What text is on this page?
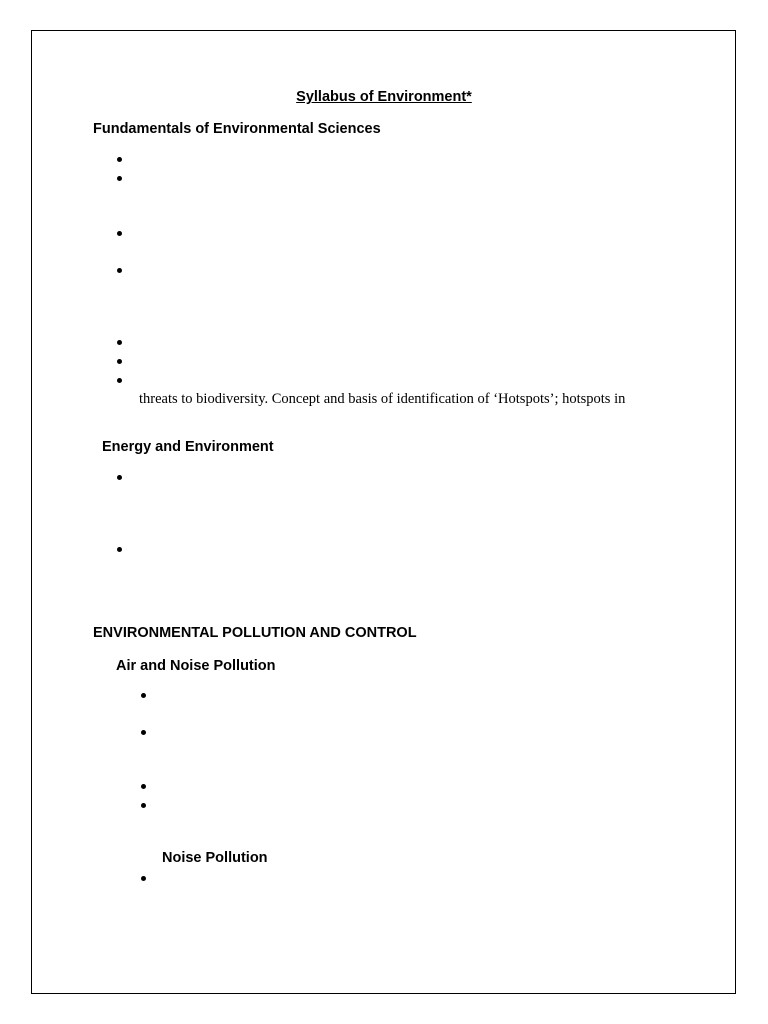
Syllabus of Environment*
Fundamentals of Environmental Sciences
threats to biodiversity. Concept and basis of identification of ‘Hotspots’; hotspots in
Energy and Environment
ENVIRONMENTAL POLLUTION AND CONTROL
Air and Noise Pollution
Noise Pollution
